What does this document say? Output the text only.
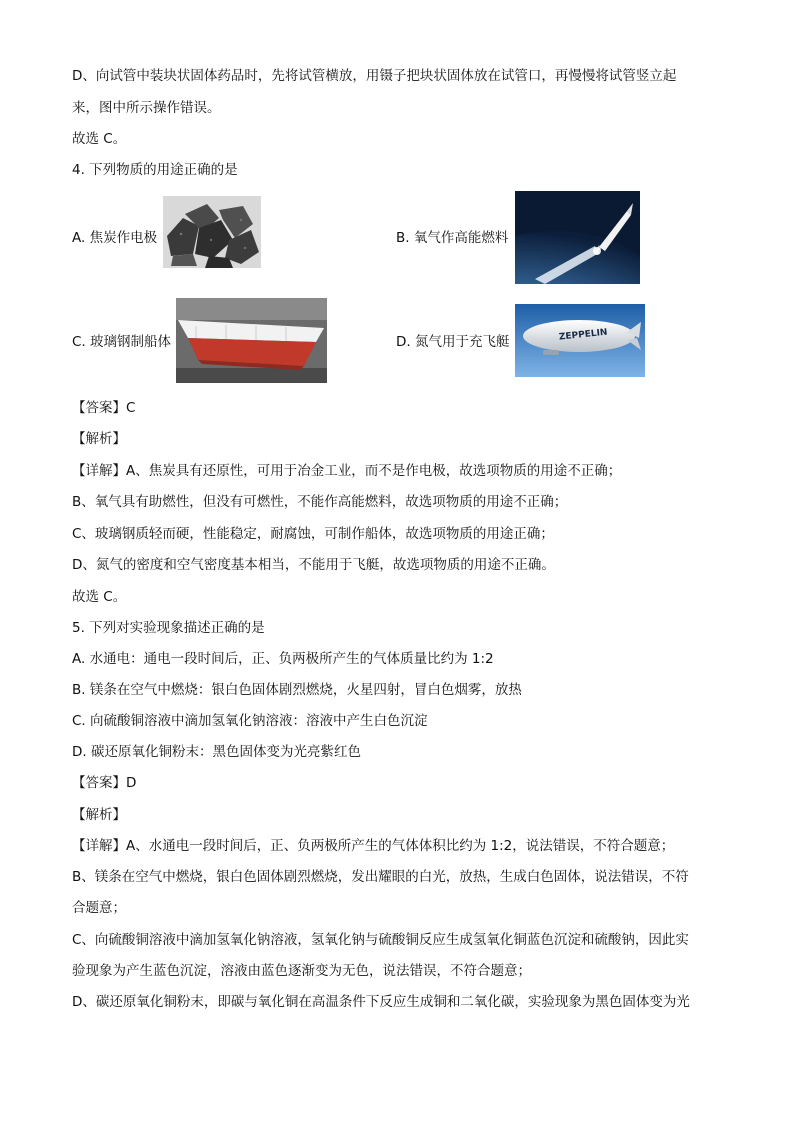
D、向试管中装块状固体药品时，先将试管横放，用镊子把块状固体放在试管口，再慢慢将试管竖立起
来，图中所示操作错误。
故选 C。
4. 下列物质的用途正确的是
A. 焦炭作电极	B. 氧气作高能燃料
C. 玻璃钢制船体	D. 氮气用于充飞艇	ZEPPELIN
【答案】C
【解析】
【详解】A、焦炭具有还原性，可用于冶金工业，而不是作电极，故选项物质的用途不正确；
B、氧气具有助燃性，但没有可燃性，不能作高能燃料，故选项物质的用途不正确；
C、玻璃钢质轻而硬，性能稳定，耐腐蚀，可制作船体，故选项物质的用途正确；
D、氮气的密度和空气密度基本相当，不能用于飞艇，故选项物质的用途不正确。
故选 C。
5. 下列对实验现象描述正确的是
A. 水通电：通电一段时间后，正、负两极所产生的气体质量比约为 1:2
B. 镁条在空气中燃烧：银白色固体剧烈燃烧，火星四射，冒白色烟雾，放热
C. 向硫酸铜溶液中滴加氢氧化钠溶液：溶液中产生白色沉淀
D. 碳还原氧化铜粉末：黑色固体变为光亮紫红色
【答案】D
【解析】
【详解】A、水通电一段时间后，正、负两极所产生的气体体积比约为 1:2，说法错误，不符合题意；
B、镁条在空气中燃烧，银白色固体剧烈燃烧，发出耀眼的白光，放热，生成白色固体，说法错误，不符
合题意；
C、向硫酸铜溶液中滴加氢氧化钠溶液，氢氧化钠与硫酸铜反应生成氢氧化铜蓝色沉淀和硫酸钠，因此实
验现象为产生蓝色沉淀，溶液由蓝色逐渐变为无色，说法错误，不符合题意；
D、碳还原氧化铜粉末，即碳与氧化铜在高温条件下反应生成铜和二氧化碳，实验现象为黑色固体变为光
